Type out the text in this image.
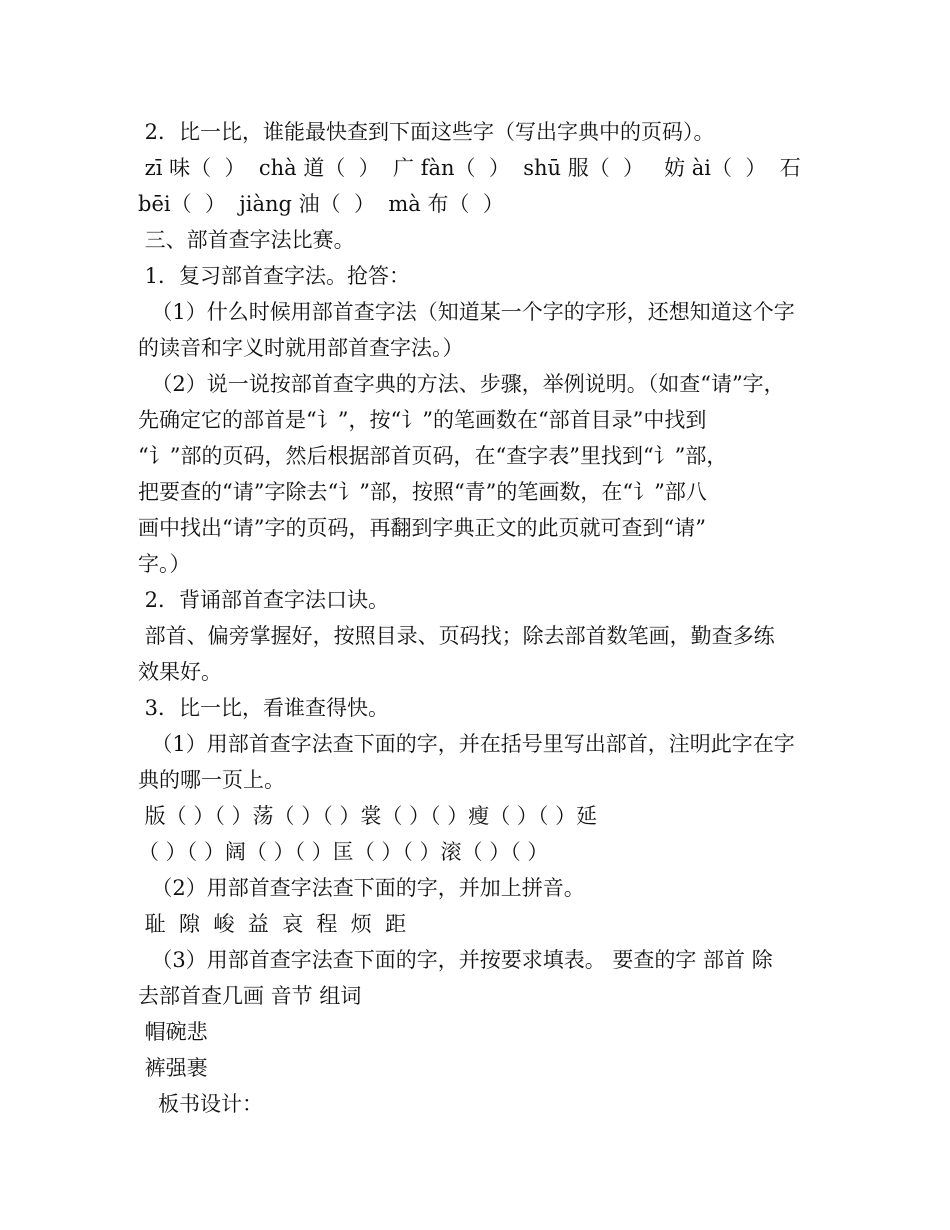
2．比一比，谁能最快查到下面这些字（写出字典中的页码）。
zī 味（  ）  chà 道（  ）  广 fàn（  ）  shū 服（  ）   妨 ài（  ）  石
bēi（  ）  jiàng 油（  ）  mà 布（  ）
三、部首查字法比赛。
1．复习部首查字法。抢答：
（1）什么时候用部首查字法（知道某一个字的字形，还想知道这个字
的读音和字义时就用部首查字法。）
（2）说一说按部首查字典的方法、步骤，举例说明。（如查“请”字，
先确定它的部首是“讠”，按“讠”的笔画数在“部首目录”中找到
“讠”部的页码，然后根据部首页码，在“查字表”里找到“讠”部，
把要查的“请”字除去“讠”部，按照“青”的笔画数，在“讠”部八
画中找出“请”字的页码，再翻到字典正文的此页就可查到“请”
字。）
2．背诵部首查字法口诀。
部首、偏旁掌握好，按照目录、页码找；除去部首数笔画，勤查多练
效果好。
3．比一比，看谁查得快。
（1）用部首查字法查下面的字，并在括号里写出部首，注明此字在字
典的哪一页上。
版（ ）（ ）荡（ ）（ ）裳（ ）（ ）瘦（ ）（ ）延
（ ）（ ）阔（ ）（ ）匡（ ）（ ）滚（ ）（ ）
（2）用部首查字法查下面的字，并加上拼音。
耻  隙  峻  益  哀  程  烦  距
（3）用部首查字法查下面的字，并按要求填表。 要查的字 部首 除
去部首查几画 音节 组词
帽碗悲
裤强裹
板书设计：
